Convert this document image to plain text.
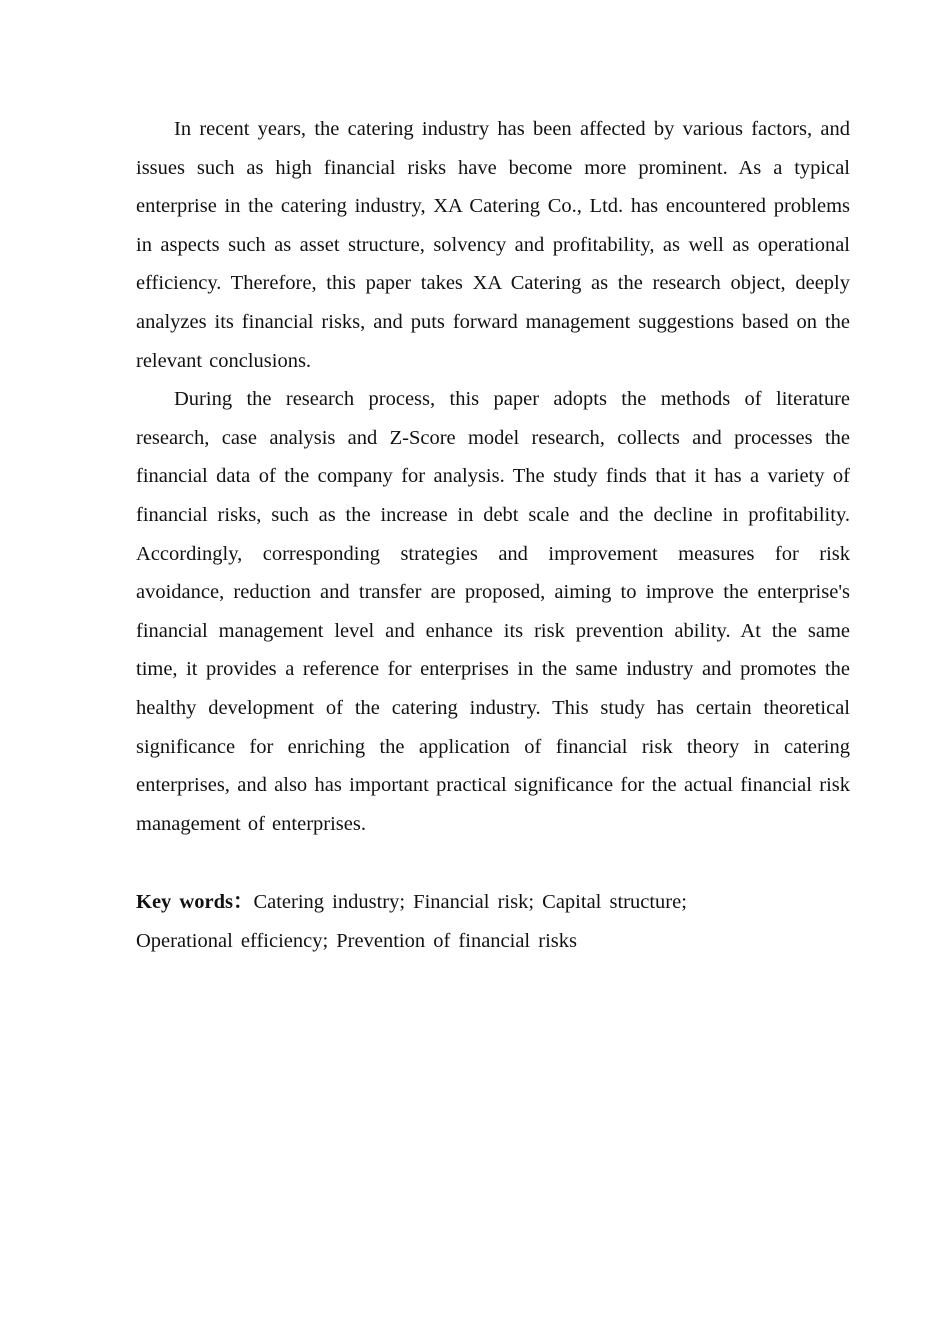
In recent years, the catering industry has been affected by various factors, and issues such as high financial risks have become more prominent. As a typical enterprise in the catering industry, XA Catering Co., Ltd. has encountered problems in aspects such as asset structure, solvency and profitability, as well as operational efficiency. Therefore, this paper takes XA Catering as the research object, deeply analyzes its financial risks, and puts forward management suggestions based on the relevant conclusions.

During the research process, this paper adopts the methods of literature research, case analysis and Z-Score model research, collects and processes the financial data of the company for analysis. The study finds that it has a variety of financial risks, such as the increase in debt scale and the decline in profitability. Accordingly, corresponding strategies and improvement measures for risk avoidance, reduction and transfer are proposed, aiming to improve the enterprise's financial management level and enhance its risk prevention ability. At the same time, it provides a reference for enterprises in the same industry and promotes the healthy development of the catering industry. This study has certain theoretical significance for enriching the application of financial risk theory in catering enterprises, and also has important practical significance for the actual financial risk management of enterprises.

Key words：Catering industry; Financial risk; Capital structure; Operational efficiency; Prevention of financial risks
